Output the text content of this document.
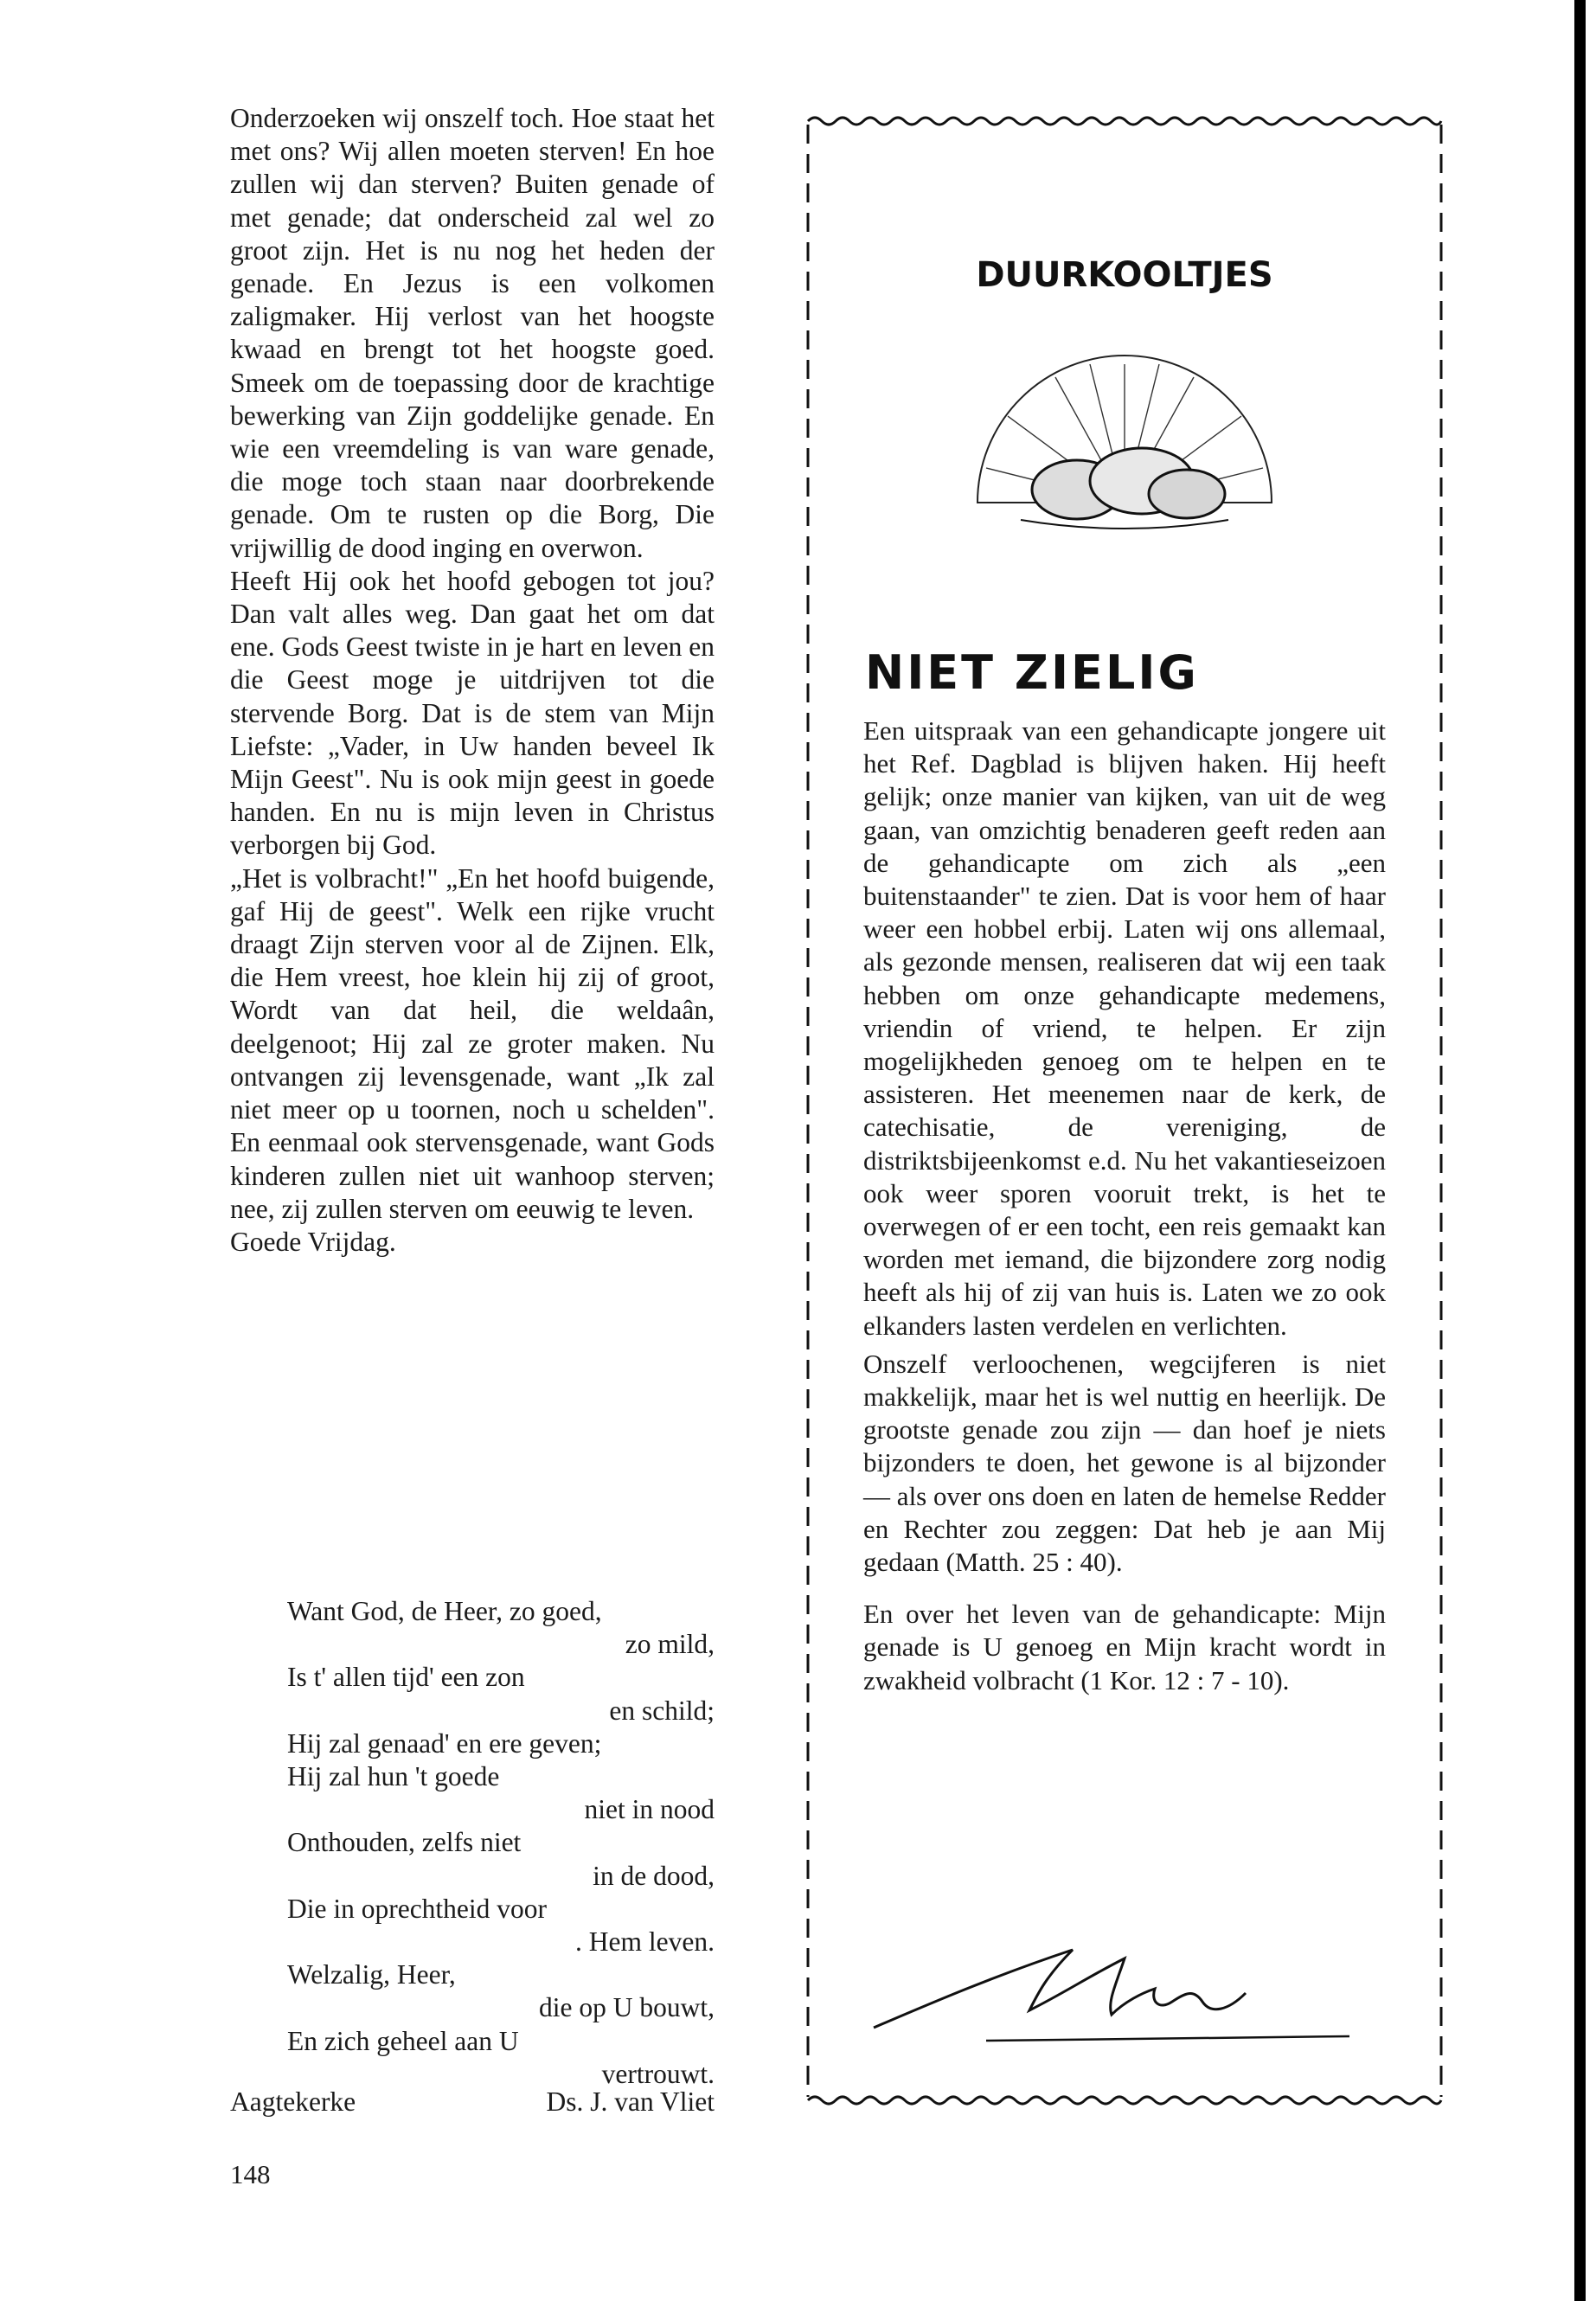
Onderzoeken wij onszelf toch. Hoe staat het met ons? Wij allen moeten sterven! En hoe zullen wij dan sterven? Buiten genade of met genade; dat onderscheid zal wel zo groot zijn. Het is nu nog het heden der genade. En Jezus is een volkomen zaligmaker. Hij verlost van het hoogste kwaad en brengt tot het hoogste goed. Smeek om de toepassing door de krachtige bewerking van Zijn goddelijke genade. En wie een vreemdeling is van ware genade, die moge toch staan naar doorbrekende genade. Om te rusten op die Borg, Die vrijwillig de dood inging en overwon.

Heeft Hij ook het hoofd gebogen tot jou? Dan valt alles weg. Dan gaat het om dat ene. Gods Geest twiste in je hart en leven en die Geest moge je uitdrijven tot die stervende Borg. Dat is de stem van Mijn Liefste: „Vader, in Uw handen beveel Ik Mijn Geest". Nu is ook mijn geest in goede handen. En nu is mijn leven in Christus verborgen bij God.

„Het is volbracht!" „En het hoofd buigende, gaf Hij de geest". Welk een rijke vrucht draagt Zijn sterven voor al de Zijnen. Elk, die Hem vreest, hoe klein hij zij of groot, Wordt van dat heil, die weldaân, deelgenoot; Hij zal ze groter maken. Nu ontvangen zij levensgenade, want „Ik zal niet meer op u toornen, noch u schelden". En eenmaal ook stervensgenade, want Gods kinderen zullen niet uit wanhoop sterven; nee, zij zullen sterven om eeuwig te leven.

Goede Vrijdag.

Want God, de Heer, zo goed,

zo mild,

Is t' allen tijd' een zon

en schild;

Hij zal genaad' en ere geven;

Hij zal hun 't goede

niet in nood

Onthouden, zelfs niet

in de dood,

Die in oprechtheid voor

. Hem leven.

Welzalig, Heer,

die op U bouwt,

En zich geheel aan U

vertrouwt.

Aagtekerke	Ds. J. van Vliet
148
DUURKOOLTJES
NIET ZIELIG

Een uitspraak van een gehandicapte jongere uit het Ref. Dagblad is blijven haken. Hij heeft gelijk; onze manier van kijken, van uit de weg gaan, van omzichtig benaderen geeft reden aan de gehandicapte om zich als „een buitenstaander" te zien. Dat is voor hem of haar weer een hobbel erbij. Laten wij ons allemaal, als gezonde mensen, realiseren dat wij een taak hebben om onze gehandicapte medemens, vriendin of vriend, te helpen. Er zijn mogelijkheden genoeg om te helpen en te assisteren. Het meenemen naar de kerk, de catechisatie, de vereniging, de distriktsbijeenkomst e.d. Nu het vakantieseizoen ook weer sporen vooruit trekt, is het te overwegen of er een tocht, een reis gemaakt kan worden met iemand, die bijzondere zorg nodig heeft als hij of zij van huis is. Laten we zo ook elkanders lasten verdelen en verlichten.

Onszelf verloochenen, wegcijferen is niet makkelijk, maar het is wel nuttig en heerlijk. De grootste genade zou zijn — dan hoef je niets bijzonders te doen, het gewone is al bijzonder — als over ons doen en laten de hemelse Redder en Rechter zou zeggen: Dat heb je aan Mij gedaan (Matth. 25 : 40).

En over het leven van de gehandicapte: Mijn genade is U genoeg en Mijn kracht wordt in zwakheid volbracht (1 Kor. 12 : 7 - 10).
